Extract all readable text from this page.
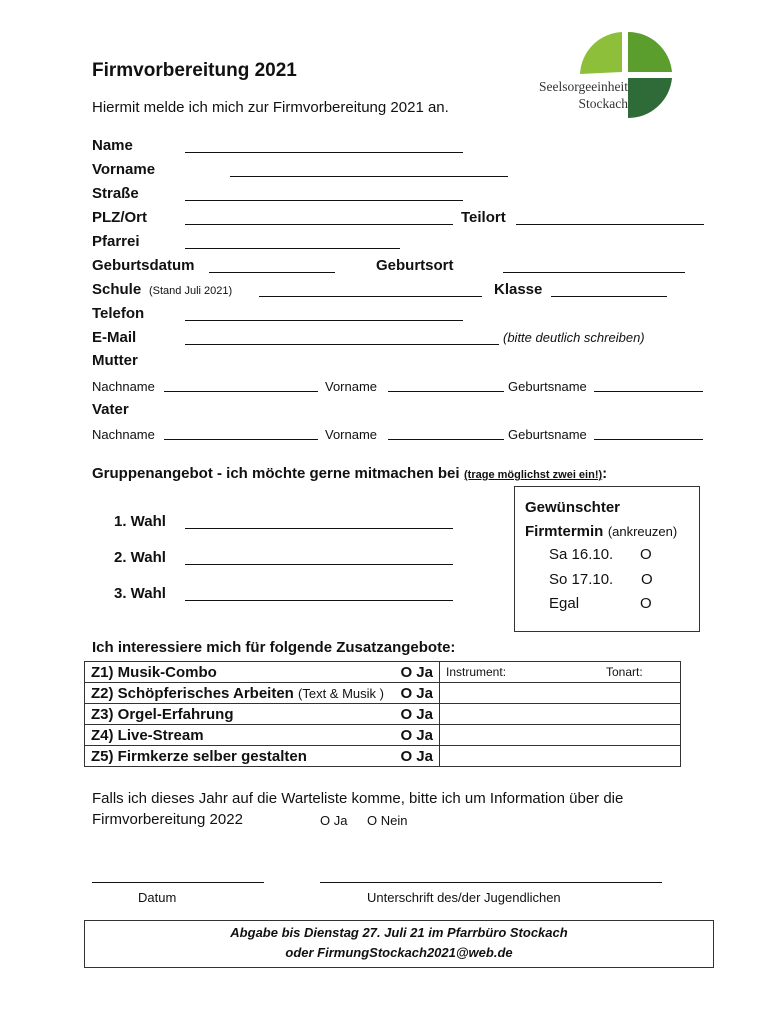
Firmvorbereitung 2021
Hiermit melde ich mich zur Firmvorbereitung 2021 an.
Seelsorgeeinheit
Stockach
Name
Vorname
Straße
PLZ/Ort	Teilort
Pfarrei
Geburtsdatum	Geburtsort
Schule (Stand Juli 2021)	Klasse
Telefon
E-Mail	(bitte deutlich schreiben)
Mutter
Nachname	Vorname	Geburtsname
Vater
Nachname	Vorname	Geburtsname
Gruppenangebot - ich möchte gerne mitmachen bei (trage möglichst zwei ein!):
1. Wahl
2. Wahl
3. Wahl
Gewünschter
Firmtermin (ankreuzen)
Sa 16.10. O
So 17.10. O
Egal	O
Ich interessiere mich für folgende Zusatzangebote:
Z1) Musik-Combo O Ja	Instrument: Tonart:

Z2) Schöpferisches Arbeiten (Text & Musik ) O Ja	

Z3) Orgel-Erfahrung O Ja	

Z4) Live-Stream O Ja	

Z5) Firmkerze selber gestalten O Ja	

Falls ich dieses Jahr auf die Warteliste komme, bitte ich um Information über die
Firmvorbereitung 2022	O Ja O Nein
Datum	Unterschrift des/der Jugendlichen
Abgabe bis Dienstag 27. Juli 21 im Pfarrbüro Stockach
oder FirmungStockach2021@web.de
